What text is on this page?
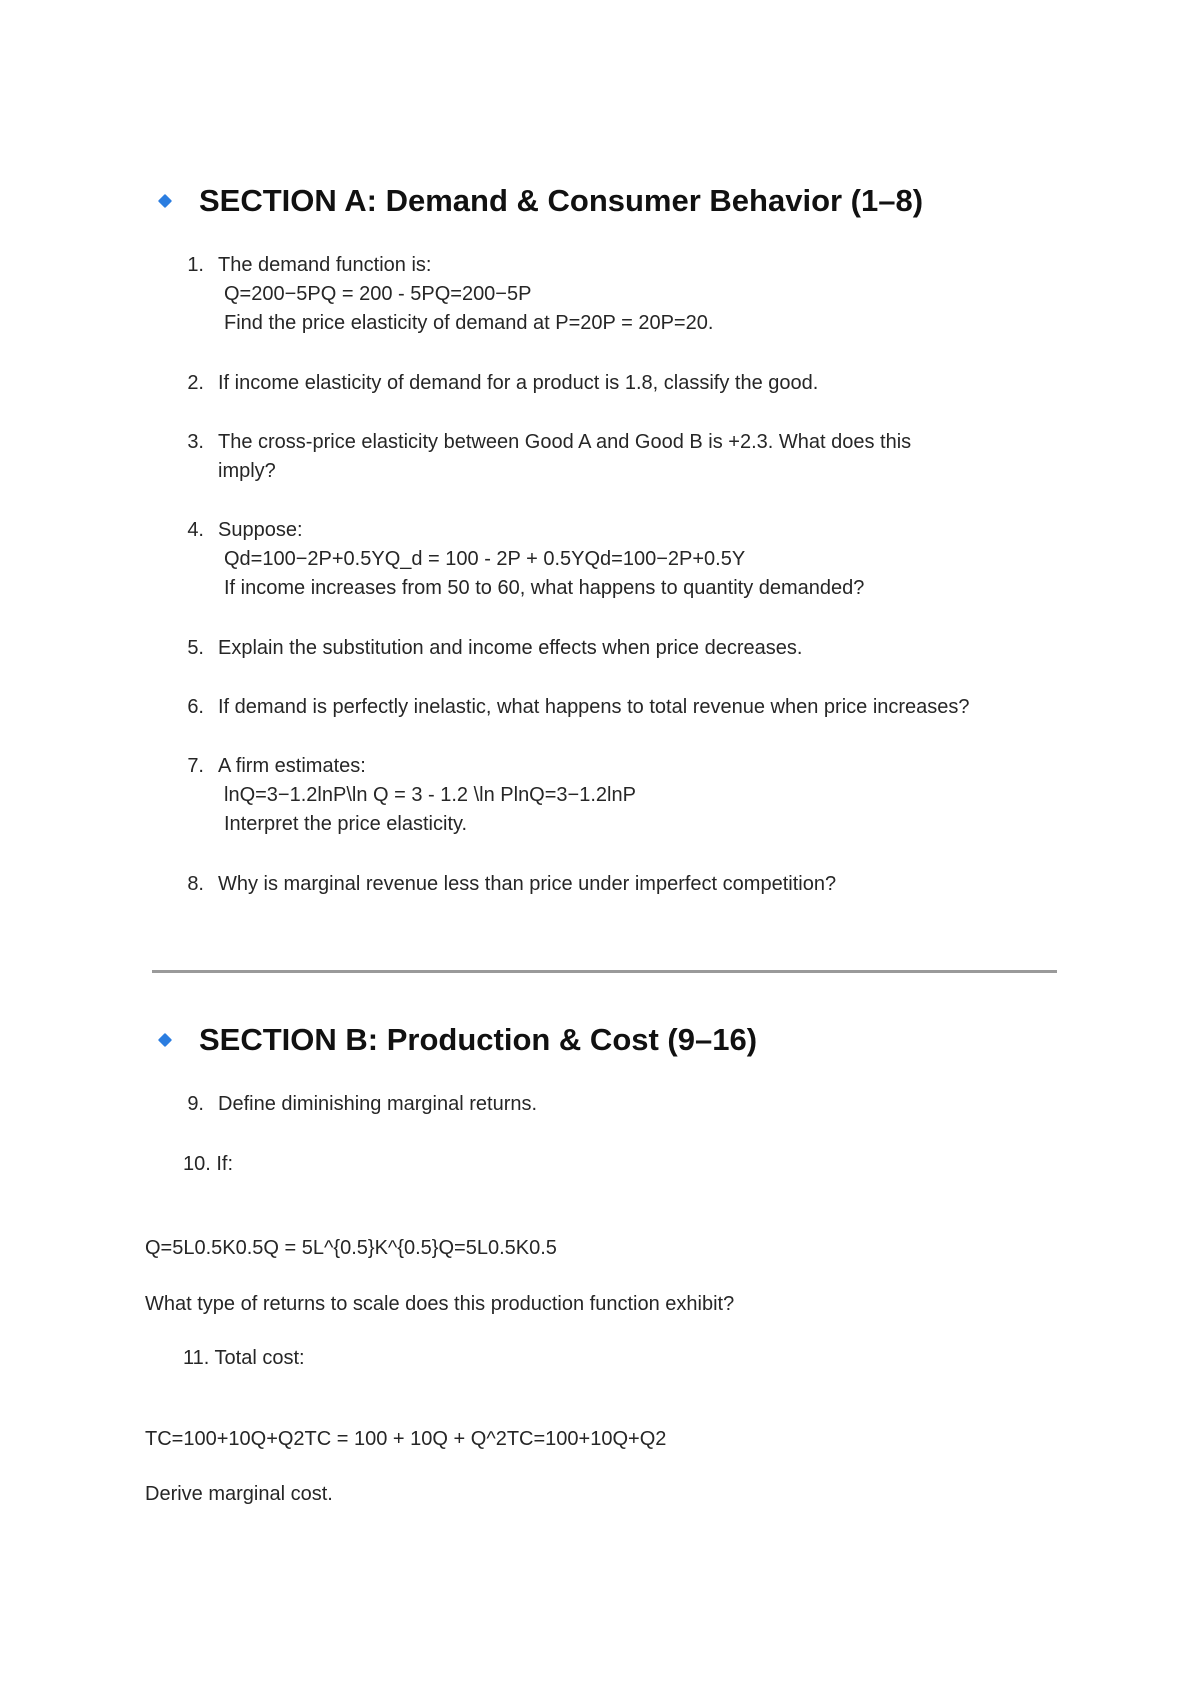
SECTION A: Demand & Consumer Behavior (1–8)
1. The demand function is:
Q=200−5PQ = 200 - 5PQ=200−5P
Find the price elasticity of demand at P=20P = 20P=20.
2. If income elasticity of demand for a product is 1.8, classify the good.
3. The cross-price elasticity between Good A and Good B is +2.3. What does this
imply?
4. Suppose:
Qd=100−2P+0.5YQ_d = 100 - 2P + 0.5YQd=100−2P+0.5Y
If income increases from 50 to 60, what happens to quantity demanded?
5. Explain the substitution and income effects when price decreases.
6. If demand is perfectly inelastic, what happens to total revenue when price increases?
7. A firm estimates:
lnQ=3−1.2lnP\ln Q = 3 - 1.2 \ln PlnQ=3−1.2lnP
Interpret the price elasticity.
8. Why is marginal revenue less than price under imperfect competition?
SECTION B: Production & Cost (9–16)
9. Define diminishing marginal returns.
10. If:
Q=5L0.5K0.5Q = 5L^{0.5}K^{0.5}Q=5L0.5K0.5
What type of returns to scale does this production function exhibit?
11. Total cost:
TC=100+10Q+Q2TC = 100 + 10Q + Q^2TC=100+10Q+Q2
Derive marginal cost.
